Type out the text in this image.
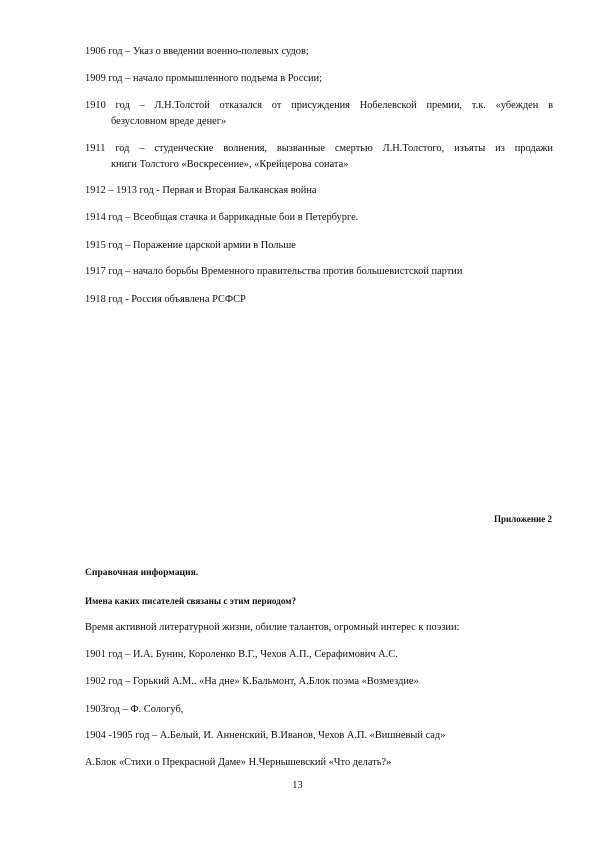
1906 год – Указ о введении военно-полевых судов;

1909 год – начало промышленного подъема в России;

1910 год – Л.Н.Толстой отказался от присуждения Нобелевской премии, т.к. «убежден в
безусловном вреде денег»
1911 год – студенческие волнения, вызванные смертью Л.Н.Толстого, изъяты из продажи
книги Толстого «Воскресение», «Крейцерова соната»

1912 – 1913 год - Первая и Вторая Балканская война

1914 год – Всеобщая стачка и баррикадные бои в Петербурге.

1915 год – Поражение царской армии в Польше

1917 год – начало борьбы Временного правительства против большевистской партии

1918 год - Россия объявлена РСФСР

Приложение 2

Справочная информация.

Имена каких писателей связаны с этим периодом?

Время активной литературной жизни, обилие талантов, огромный интерес к поэзии:

1901 год – И.А. Бунин, Короленко В.Г., Чехов А.П., Серафимович А.С.

1902 год – Горький А.М.. «На дне» К.Бальмонт, А.Блок поэма «Возмездие»

1903год – Ф. Сологуб,

1904 -1905 год – А.Белый, И. Анненский, В.Иванов, Чехов А.П. «Вишневый сад»

А.Блок «Стихи о Прекрасной Даме» Н.Чернышевский «Что делать?»

13
